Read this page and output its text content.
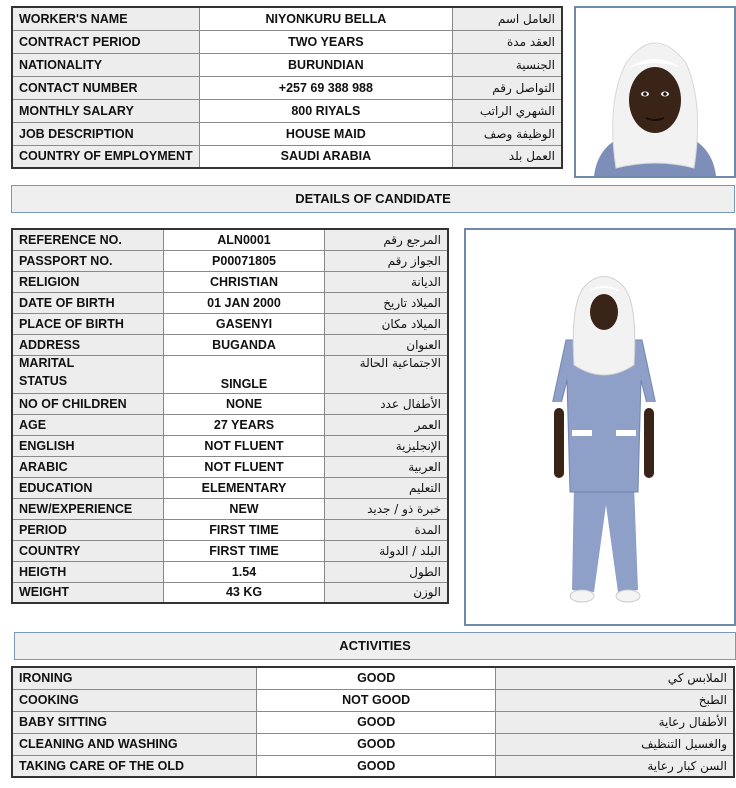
WORKER'S NAME	NIYONKURU BELLA	العامل اسم
CONTRACT PERIOD	TWO YEARS	العقد مدة
NATIONALITY	BURUNDIAN	الجنسية
CONTACT NUMBER	+257 69 388 988	التواصل رقم
MONTHLY SALARY	800 RIYALS	الشهري الراتب
JOB DESCRIPTION	HOUSE MAID	الوظيفة وصف
COUNTRY OF EMPLOYMENT	SAUDI ARABIA	العمل بلد
DETAILS OF CANDIDATE
REFERENCE NO.	ALN0001	المرجع رقم
PASSPORT NO.	P00071805	الجواز رقم
RELIGION	CHRISTIAN	الديانة
DATE OF BIRTH	01 JAN 2000	الميلاد تاريخ
PLACE OF BIRTH	GASENYI	الميلاد مكان
ADDRESS	BUGANDA	العنوان

MARITAL
STATUS	SINGLE	الاجتماعية الحالة
NO OF CHILDREN	NONE	الأطفال عدد
AGE	27 YEARS	العمر
ENGLISH	NOT FLUENT	الإنجليزية
ARABIC	NOT FLUENT	العربية
EDUCATION	ELEMENTARY	التعليم
NEW/EXPERIENCE	NEW	خبرة ذو / جديد
PERIOD	FIRST TIME	المدة
COUNTRY	FIRST TIME	البلد / الدولة
HEIGTH	1.54	الطول
WEIGHT	43 KG	الوزن
ACTIVITIES
IRONING	GOOD	الملابس كي
COOKING	NOT GOOD	الطبخ
BABY SITTING	GOOD	الأطفال رعاية
CLEANING AND WASHING	GOOD	والغسيل التنظيف
TAKING CARE OF THE OLD	GOOD	السن كبار رعاية
